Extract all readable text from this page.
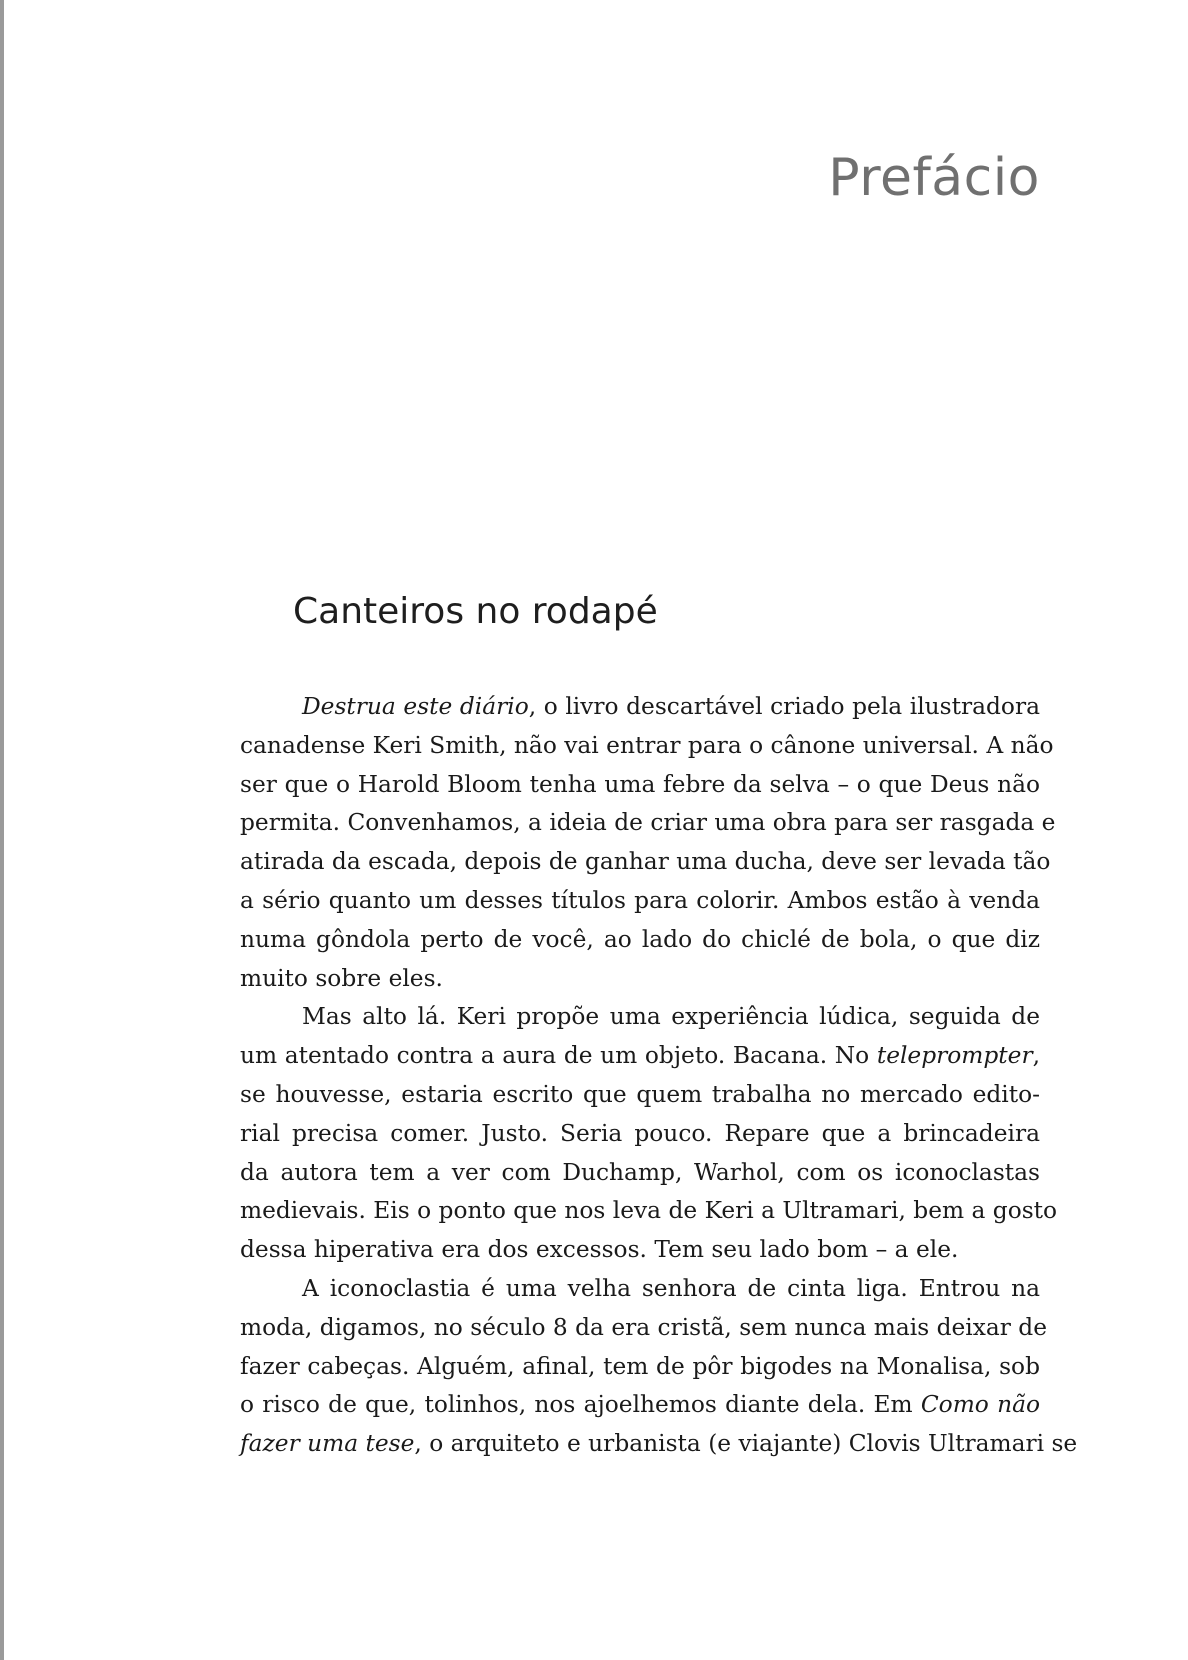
Prefácio
Canteiros no rodapé
Destrua este diário, o livro descartável criado pela ilustradora
canadense Keri Smith, não vai entrar para o cânone universal. A não
ser que o Harold Bloom tenha uma febre da selva – o que Deus não
permita. Convenhamos, a ideia de criar uma obra para ser rasgada e
atirada da escada, depois de ganhar uma ducha, deve ser levada tão
a sério quanto um desses títulos para colorir. Ambos estão à venda
numa gôndola perto de você, ao lado do chiclé de bola, o que diz
muito sobre eles.
Mas alto lá. Keri propõe uma experiência lúdica, seguida de
um atentado contra a aura de um objeto. Bacana. No teleprompter,
se houvesse, estaria escrito que quem trabalha no mercado edito-
rial precisa comer. Justo. Seria pouco. Repare que a brincadeira
da autora tem a ver com Duchamp, Warhol, com os iconoclastas
medievais. Eis o ponto que nos leva de Keri a Ultramari, bem a gosto
dessa hiperativa era dos excessos. Tem seu lado bom – a ele.
A iconoclastia é uma velha senhora de cinta liga. Entrou na
moda, digamos, no século 8 da era cristã, sem nunca mais deixar de
fazer cabeças. Alguém, afinal, tem de pôr bigodes na Monalisa, sob
o risco de que, tolinhos, nos ajoelhemos diante dela. Em Como não
fazer uma tese, o arquiteto e urbanista (e viajante) Clovis Ultramari se
